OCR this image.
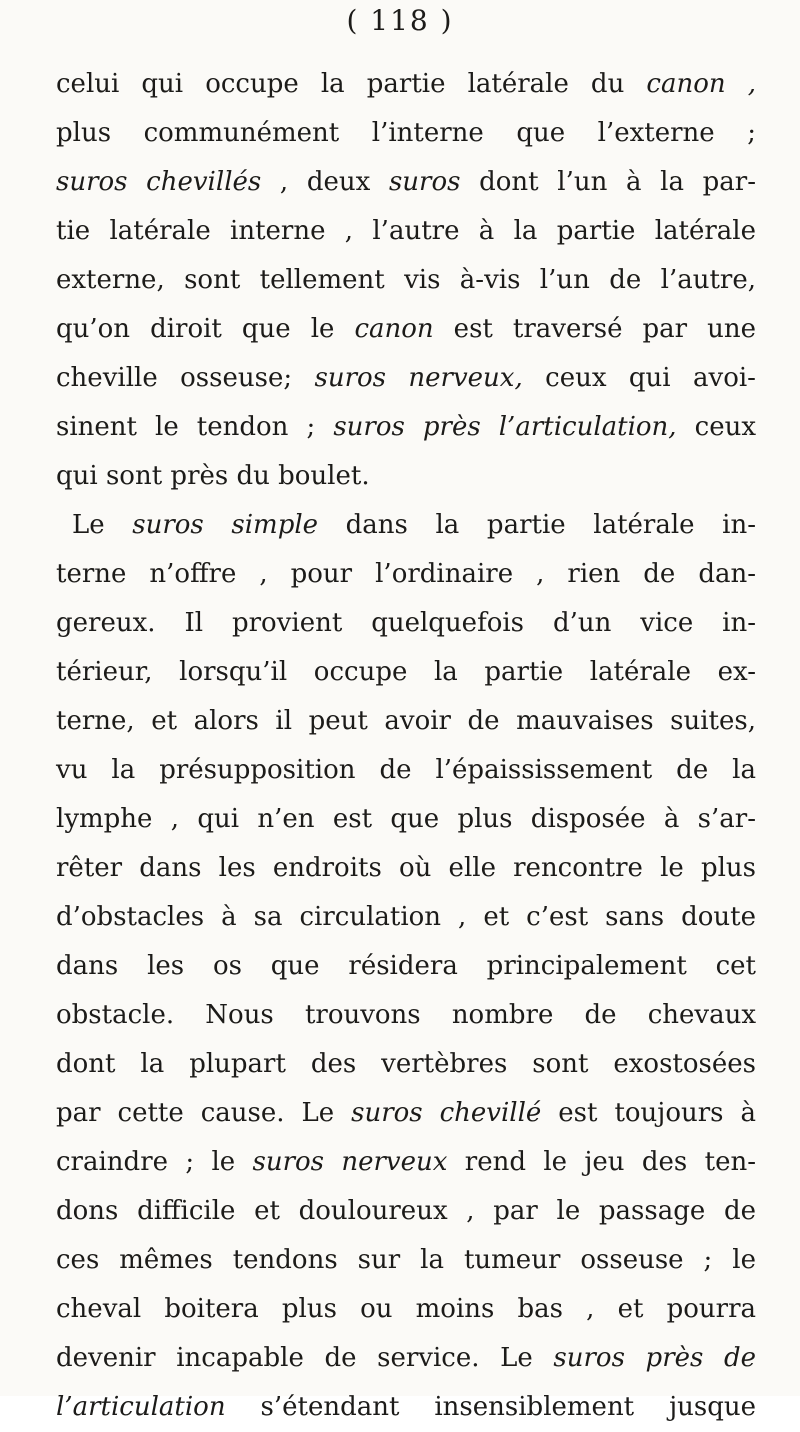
( 118 )
celui qui occupe la partie latérale du canon ,
plus communément l’interne que l’externe ;
suros chevillés , deux suros dont l’un à la par-
tie latérale interne , l’autre à la partie latérale
externe, sont tellement vis à-vis l’un de l’autre,
qu’on diroit que le canon est traversé par une
cheville osseuse; suros nerveux, ceux qui avoi-
sinent le tendon ; suros près l’articulation, ceux
qui sont près du boulet.
Le suros simple dans la partie latérale in-
terne n’offre , pour l’ordinaire , rien de dan-
gereux. Il provient quelquefois d’un vice in-
térieur, lorsqu’il occupe la partie latérale ex-
terne, et alors il peut avoir de mauvaises suites,
vu la présupposition de l’épaississement de la
lymphe , qui n’en est que plus disposée à s’ar-
rêter dans les endroits où elle rencontre le plus
d’obstacles à sa circulation , et c’est sans doute
dans les os que résidera principalement cet
obstacle. Nous trouvons nombre de chevaux
dont la plupart des vertèbres sont exostosées
par cette cause. Le suros chevillé est toujours à
craindre ; le suros nerveux rend le jeu des ten-
dons difficile et douloureux , par le passage de
ces mêmes tendons sur la tumeur osseuse ; le
cheval boitera plus ou moins bas , et pourra
devenir incapable de service. Le suros près de
l’articulation s’étendant insensiblement jusque
